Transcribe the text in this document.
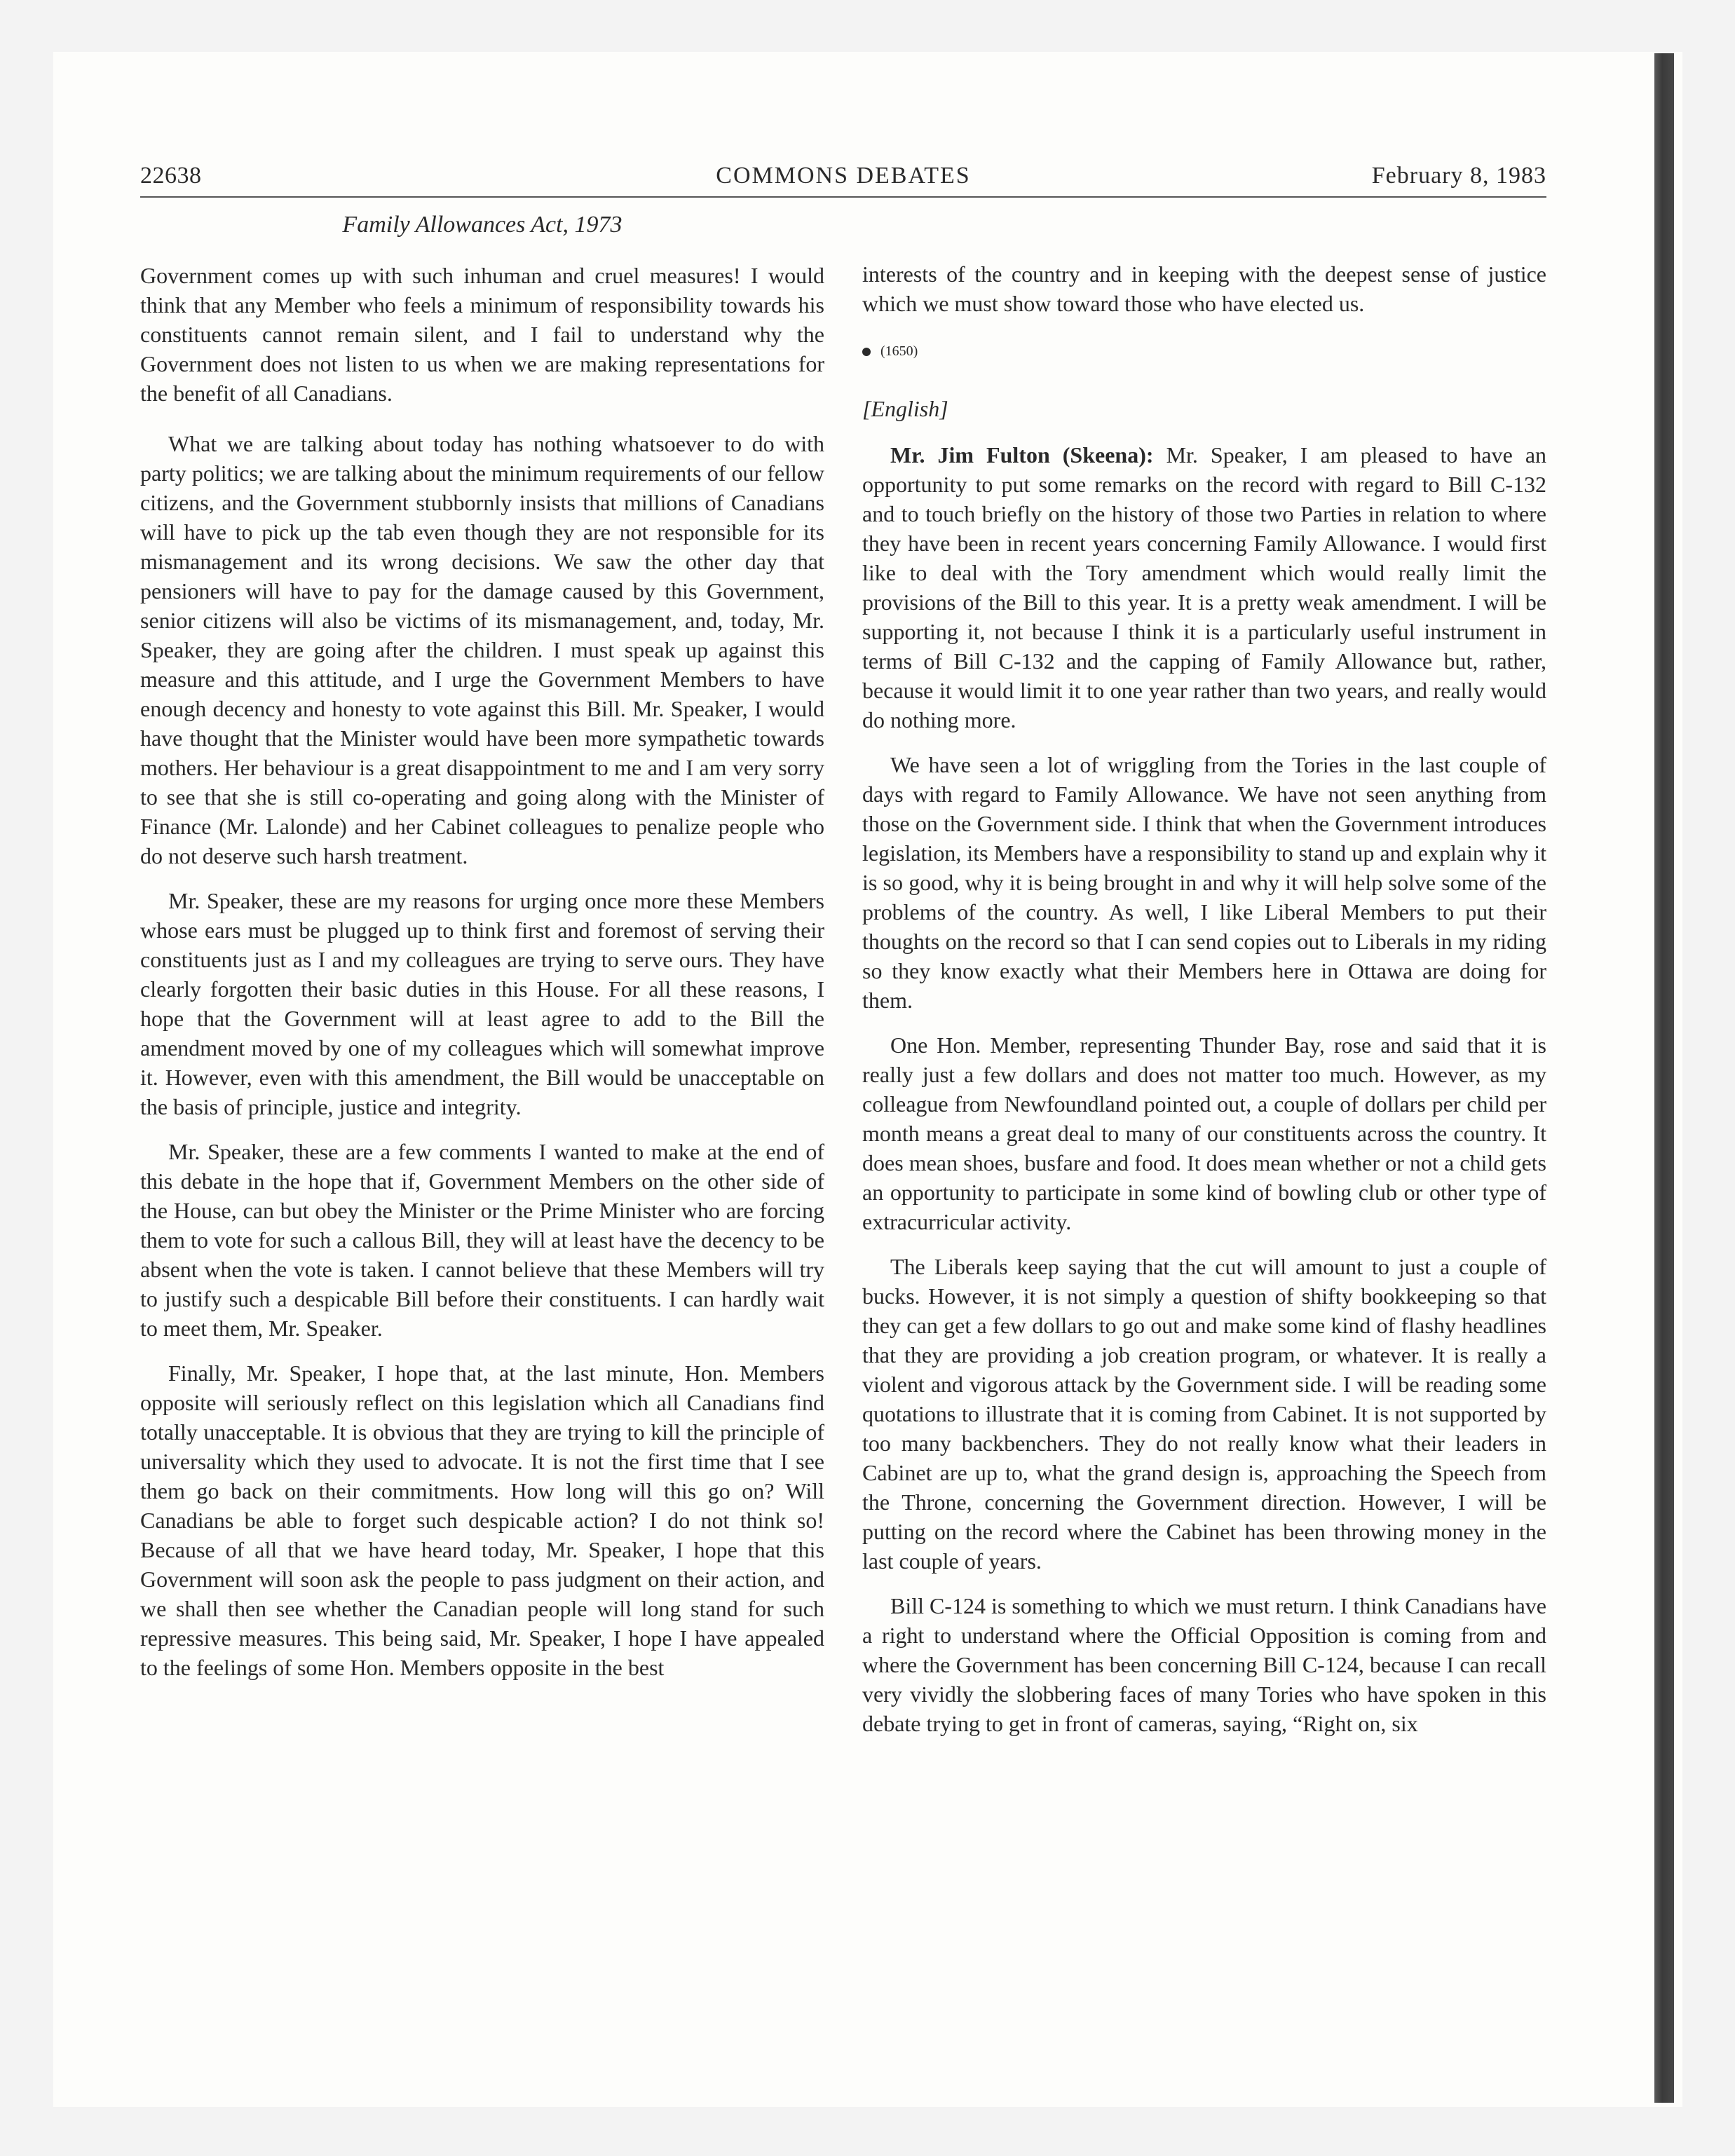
22638	COMMONS DEBATES	February 8, 1983
Family Allowances Act, 1973

Government comes up with such inhuman and cruel measures! I would think that any Member who feels a minimum of responsibility towards his constituents cannot remain silent, and I fail to understand why the Government does not listen to us when we are making representations for the benefit of all Canadians.

What we are talking about today has nothing whatsoever to do with party politics; we are talking about the minimum requirements of our fellow citizens, and the Government stubbornly insists that millions of Canadians will have to pick up the tab even though they are not responsible for its mismanagement and its wrong decisions. We saw the other day that pensioners will have to pay for the damage caused by this Government, senior citizens will also be victims of its mismanagement, and, today, Mr. Speaker, they are going after the children. I must speak up against this measure and this attitude, and I urge the Government Members to have enough decency and honesty to vote against this Bill. Mr. Speaker, I would have thought that the Minister would have been more sympathetic towards mothers. Her behaviour is a great disappointment to me and I am very sorry to see that she is still co-operating and going along with the Minister of Finance (Mr. Lalonde) and her Cabinet colleagues to penalize people who do not deserve such harsh treatment.

Mr. Speaker, these are my reasons for urging once more these Members whose ears must be plugged up to think first and foremost of serving their constituents just as I and my colleagues are trying to serve ours. They have clearly forgotten their basic duties in this House. For all these reasons, I hope that the Government will at least agree to add to the Bill the amendment moved by one of my colleagues which will somewhat improve it. However, even with this amendment, the Bill would be unacceptable on the basis of principle, justice and integrity.

Mr. Speaker, these are a few comments I wanted to make at the end of this debate in the hope that if, Government Members on the other side of the House, can but obey the Minister or the Prime Minister who are forcing them to vote for such a callous Bill, they will at least have the decency to be absent when the vote is taken. I cannot believe that these Members will try to justify such a despicable Bill before their constituents. I can hardly wait to meet them, Mr. Speaker.

Finally, Mr. Speaker, I hope that, at the last minute, Hon. Members opposite will seriously reflect on this legislation which all Canadians find totally unacceptable. It is obvious that they are trying to kill the principle of universality which they used to advocate. It is not the first time that I see them go back on their commitments. How long will this go on? Will Canadians be able to forget such despicable action? I do not think so! Because of all that we have heard today, Mr. Speaker, I hope that this Government will soon ask the people to pass judgment on their action, and we shall then see whether the Canadian people will long stand for such repressive measures. This being said, Mr. Speaker, I hope I have appealed to the feelings of some Hon. Members opposite in the best

interests of the country and in keeping with the deepest sense of justice which we must show toward those who have elected us.

(1650)
[English]

Mr. Jim Fulton (Skeena): Mr. Speaker, I am pleased to have an opportunity to put some remarks on the record with regard to Bill C-132 and to touch briefly on the history of those two Parties in relation to where they have been in recent years concerning Family Allowance. I would first like to deal with the Tory amendment which would really limit the provisions of the Bill to this year. It is a pretty weak amendment. I will be supporting it, not because I think it is a particularly useful instrument in terms of Bill C-132 and the capping of Family Allowance but, rather, because it would limit it to one year rather than two years, and really would do nothing more.

We have seen a lot of wriggling from the Tories in the last couple of days with regard to Family Allowance. We have not seen anything from those on the Government side. I think that when the Government introduces legislation, its Members have a responsibility to stand up and explain why it is so good, why it is being brought in and why it will help solve some of the problems of the country. As well, I like Liberal Members to put their thoughts on the record so that I can send copies out to Liberals in my riding so they know exactly what their Members here in Ottawa are doing for them.

One Hon. Member, representing Thunder Bay, rose and said that it is really just a few dollars and does not matter too much. However, as my colleague from Newfoundland pointed out, a couple of dollars per child per month means a great deal to many of our constituents across the country. It does mean shoes, busfare and food. It does mean whether or not a child gets an opportunity to participate in some kind of bowling club or other type of extracurricular activity.

The Liberals keep saying that the cut will amount to just a couple of bucks. However, it is not simply a question of shifty bookkeeping so that they can get a few dollars to go out and make some kind of flashy headlines that they are providing a job creation program, or whatever. It is really a violent and vigorous attack by the Government side. I will be reading some quotations to illustrate that it is coming from Cabinet. It is not supported by too many backbenchers. They do not really know what their leaders in Cabinet are up to, what the grand design is, approaching the Speech from the Throne, concerning the Government direction. However, I will be putting on the record where the Cabinet has been throwing money in the last couple of years.

Bill C-124 is something to which we must return. I think Canadians have a right to understand where the Official Opposition is coming from and where the Government has been concerning Bill C-124, because I can recall very vividly the slobbering faces of many Tories who have spoken in this debate trying to get in front of cameras, saying, “Right on, six
